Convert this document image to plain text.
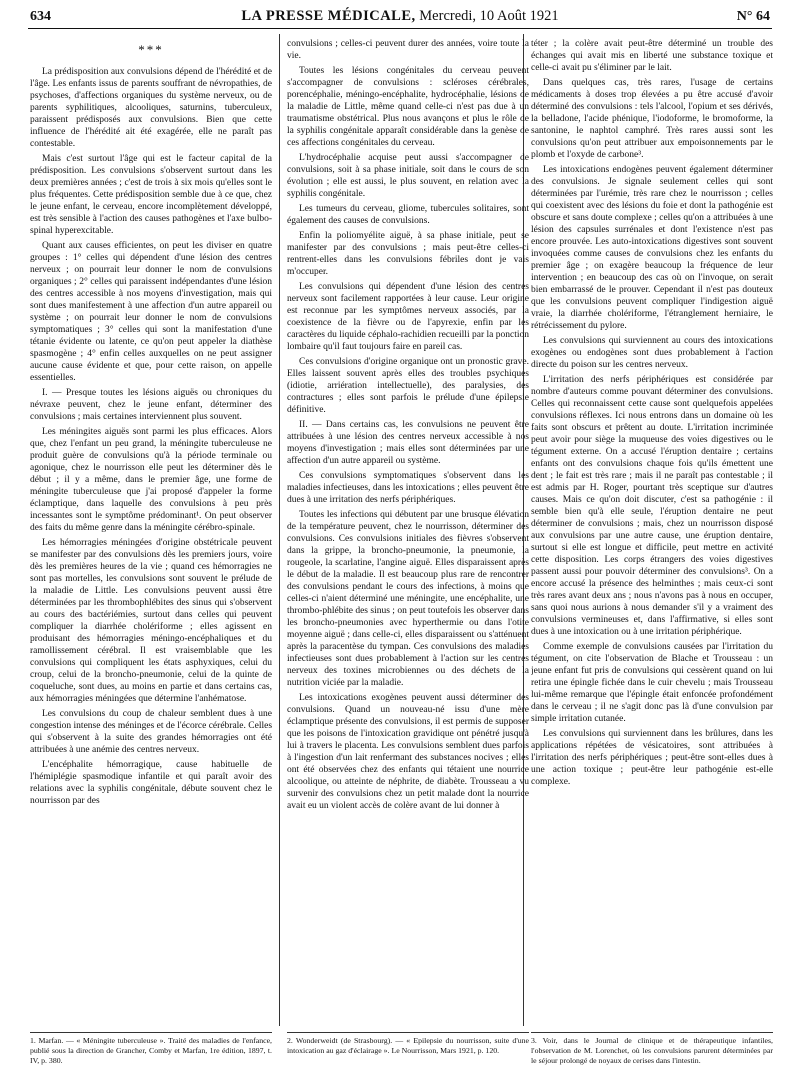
634	LA PRESSE MÉDICALE, Mercredi, 10 Août 1921	N° 64
***

La prédisposition aux convulsions dépend de l'hérédité et de l'âge. Les enfants issus de parents souffrant de névropathies, de psychoses, d'affections organiques du système nerveux, ou de parents syphilitiques, alcooliques, saturnins, tuberculeux, paraissent prédisposés aux convulsions. Bien que cette influence de l'hérédité ait été exagérée, elle ne paraît pas contestable.

Mais c'est surtout l'âge qui est le facteur capital de la prédisposition. Les convulsions s'observent surtout dans les deux premières années ; c'est de trois à six mois qu'elles sont le plus fréquentes. Cette prédisposition semble due à ce que, chez le jeune enfant, le cerveau, encore incomplètement développé, est très sensible à l'action des causes pathogènes et l'axe bulbo-spinal hyperexcitable.

Quant aux causes efficientes, on peut les diviser en quatre groupes : 1° celles qui dépendent d'une lésion des centres nerveux ; on pourrait leur donner le nom de convulsions organiques ; 2° celles qui paraissent indépendantes d'une lésion des centres accessible à nos moyens d'investigation, mais qui sont dues manifestement à une affection d'un autre appareil ou système ; on pourrait leur donner le nom de convulsions symptomatiques ; 3° celles qui sont la manifestation d'une tétanie évidente ou latente, ce qu'on peut appeler la diathèse spasmogène ; 4° enfin celles auxquelles on ne peut assigner aucune cause évidente et que, pour cette raison, on appelle essentielles.

I. — Presque toutes les lésions aiguës ou chroniques du névraxe peuvent, chez le jeune enfant, déterminer des convulsions ; mais certaines interviennent plus souvent.

Les méningites aiguës sont parmi les plus efficaces. Alors que, chez l'enfant un peu grand, la méningite tuberculeuse ne produit guère de convulsions qu'à la période terminale ou agonique, chez le nourrisson elle peut les déterminer dès le début ; il y a même, dans le premier âge, une forme de méningite tuberculeuse que j'ai proposé d'appeler la forme éclamptique, dans laquelle des convulsions à peu près incessantes sont le symptôme prédominant¹. On peut observer des faits du même genre dans la méningite cérébro-spinale.

Les hémorragies méningées d'origine obstétricale peuvent se manifester par des convulsions dès les premiers jours, voire dès les premières heures de la vie ; quand ces hémorragies ne sont pas mortelles, les convulsions sont souvent le prélude de la maladie de Little. Les convulsions peuvent aussi être déterminées par les thrombophlébites des sinus qui s'observent au cours des bactériémies, surtout dans celles qui peuvent compliquer la diarrhée cholériforme ; elles agissent en produisant des hémorragies méningo-encéphaliques et du ramollissement cérébral. Il est vraisemblable que les convulsions qui compliquent les états asphyxiques, celui du croup, celui de la broncho-pneumonie, celui de la quinte de coqueluche, sont dues, au moins en partie et dans certains cas, aux hémorragies méningées que détermine l'anhématose.

Les convulsions du coup de chaleur semblent dues à une congestion intense des méninges et de l'écorce cérébrale. Celles qui s'observent à la suite des grandes hémorragies ont été attribuées à une anémie des centres nerveux.

L'encéphalite hémorragique, cause habituelle de l'hémiplégie spasmodique infantile et qui paraît avoir des relations avec la syphilis congénitale, débute souvent chez le nourrisson par des

convulsions ; celles-ci peuvent durer des années, voire toute la vie.

Toutes les lésions congénitales du cerveau peuvent s'accompagner de convulsions : scléroses cérébrales, porencéphalie, méningo-encéphalite, hydrocéphalie, lésions de la maladie de Little, même quand celle-ci n'est pas due à un traumatisme obstétrical. Plus nous avançons et plus le rôle de la syphilis congénitale apparaît considérable dans la genèse de ces affections congénitales du cerveau.

L'hydrocéphalie acquise peut aussi s'accompagner de convulsions, soit à sa phase initiale, soit dans le cours de son évolution ; elle est aussi, le plus souvent, en relation avec la syphilis congénitale.

Les tumeurs du cerveau, gliome, tubercules solitaires, sont également des causes de convulsions.

Enfin la poliomyélite aiguë, à sa phase initiale, peut se manifester par des convulsions ; mais peut-être celles-ci rentrent-elles dans les convulsions fébriles dont je vais m'occuper.

Les convulsions qui dépendent d'une lésion des centres nerveux sont facilement rapportées à leur cause. Leur origine est reconnue par les symptômes nerveux associés, par la coexistence de la fièvre ou de l'apyrexie, enfin par les caractères du liquide céphalo-rachidien recueilli par la ponction lombaire qu'il faut toujours faire en pareil cas.

Ces convulsions d'origine organique ont un pronostic grave. Elles laissent souvent après elles des troubles psychiques (idiotie, arriération intellectuelle), des paralysies, des contractures ; elles sont parfois le prélude d'une épilepsie définitive.

II. — Dans certains cas, les convulsions ne peuvent être attribuées à une lésion des centres nerveux accessible à nos moyens d'investigation ; mais elles sont déterminées par une affection d'un autre appareil ou système.

Ces convulsions symptomatiques s'observent dans les maladies infectieuses, dans les intoxications ; elles peuvent être dues à une irritation des nerfs périphériques.

Toutes les infections qui débutent par une brusque élévation de la température peuvent, chez le nourrisson, déterminer des convulsions. Ces convulsions initiales des fièvres s'observent dans la grippe, la broncho-pneumonie, la pneumonie, la rougeole, la scarlatine, l'angine aiguë. Elles disparaissent après le début de la maladie. Il est beaucoup plus rare de rencontrer des convulsions pendant le cours des infections, à moins que celles-ci n'aient déterminé une méningite, une encéphalite, une thrombo-phlébite des sinus ; on peut toutefois les observer dans les broncho-pneumonies avec hyperthermie ou dans l'otite moyenne aiguë ; dans celle-ci, elles disparaissent ou s'atténuent après la paracentèse du tympan. Ces convulsions des maladies infectieuses sont dues probablement à l'action sur les centres nerveux des toxines microbiennes ou des déchets de la nutrition viciée par la maladie.

Les intoxications exogènes peuvent aussi déterminer des convulsions. Quand un nouveau-né issu d'une mère éclamptique présente des convulsions, il est permis de supposer que les poisons de l'intoxication gravidique ont pénétré jusqu'à lui à travers le placenta. Les convulsions semblent dues parfois à l'ingestion d'un lait renfermant des substances nocives ; elles ont été observées chez des enfants qui tétaient une nourrice alcoolique, ou atteinte de néphrite, de diabète. Trousseau a vu survenir des convulsions chez un petit malade dont la nourrice avait eu un violent accès de colère avant de lui donner à

téter ; la colère avait peut-être déterminé un trouble des échanges qui avait mis en liberté une substance toxique et celle-ci avait pu s'éliminer par le lait.

Dans quelques cas, très rares, l'usage de certains médicaments à doses trop élevées a pu être accusé d'avoir déterminé des convulsions : tels l'alcool, l'opium et ses dérivés, la belladone, l'acide phénique, l'iodoforme, le bromoforme, la santonine, le naphtol camphré. Très rares aussi sont les convulsions qu'on peut attribuer aux empoisonnements par le plomb et l'oxyde de carbone³.

Les intoxications endogènes peuvent également déterminer des convulsions. Je signale seulement celles qui sont déterminées par l'urémie, très rare chez le nourrisson ; celles qui coexistent avec des lésions du foie et dont la pathogénie est obscure et sans doute complexe ; celles qu'on a attribuées à une lésion des capsules surrénales et dont l'existence n'est pas encore prouvée. Les auto-intoxications digestives sont souvent invoquées comme causes de convulsions chez les enfants du premier âge ; on exagère beaucoup la fréquence de leur intervention ; en beaucoup des cas où on l'invoque, on serait bien embarrassé de le prouver. Cependant il n'est pas douteux que les convulsions peuvent compliquer l'indigestion aiguë vraie, la diarrhée cholériforme, l'étranglement herniaire, le rétrécissement du pylore.

Les convulsions qui surviennent au cours des intoxications exogènes ou endogènes sont dues probablement à l'action directe du poison sur les centres nerveux.

L'irritation des nerfs périphériques est considérée par nombre d'auteurs comme pouvant déterminer des convulsions. Celles qui reconnaissent cette cause sont quelquefois appelées convulsions réflexes. Ici nous entrons dans un domaine où les faits sont obscurs et prêtent au doute. L'irritation incriminée peut avoir pour siège la muqueuse des voies digestives ou le tégument externe. On a accusé l'éruption dentaire ; certains enfants ont des convulsions chaque fois qu'ils émettent une dent ; le fait est très rare ; mais il ne paraît pas contestable ; il est admis par H. Roger, pourtant très sceptique sur d'autres causes. Mais ce qu'on doit discuter, c'est sa pathogénie : il semble bien qu'à elle seule, l'éruption dentaire ne peut déterminer de convulsions ; mais, chez un nourrisson disposé aux convulsions par une autre cause, une éruption dentaire, surtout si elle est longue et difficile, peut mettre en activité cette disposition. Les corps étrangers des voies digestives passent aussi pour pouvoir déterminer des convulsions³. On a encore accusé la présence des helminthes ; mais ceux-ci sont très rares avant deux ans ; nous n'avons pas à nous en occuper, sans quoi nous aurions à nous demander s'il y a vraiment des convulsions vermineuses et, dans l'affirmative, si elles sont dues à une intoxication ou à une irritation périphérique.

Comme exemple de convulsions causées par l'irritation du tégument, on cite l'observation de Blache et Trousseau : un jeune enfant fut pris de convulsions qui cessèrent quand on lui retira une épingle fichée dans le cuir chevelu ; mais Trousseau lui-même remarque que l'épingle était enfoncée profondément dans le cerveau ; il ne s'agit donc pas là d'une convulsion par simple irritation cutanée.

Les convulsions qui surviennent dans les brûlures, dans les applications répétées de vésicatoires, sont attribuées à l'irritation des nerfs périphériques ; peut-être sont-elles dues à une action toxique ; peut-être leur pathogénie est-elle complexe.

1. Marfan. — « Méningite tuberculeuse ». Traité des maladies de l'enfance, publié sous la direction de Grancher, Comby et Marfan, 1re édition, 1897, t. IV, p. 380.
2. Wonderweidt (de Strasbourg). — « Epilepsie du nourrisson, suite d'une intoxication au gaz d'éclairage ». Le Nourrisson, Mars 1921, p. 120.
3. Voir, dans le Journal de clinique et de thérapeutique infantiles, l'observation de M. Lorenchet, où les convulsions parurent déterminées par le séjour prolongé de noyaux de cerises dans l'intestin.
